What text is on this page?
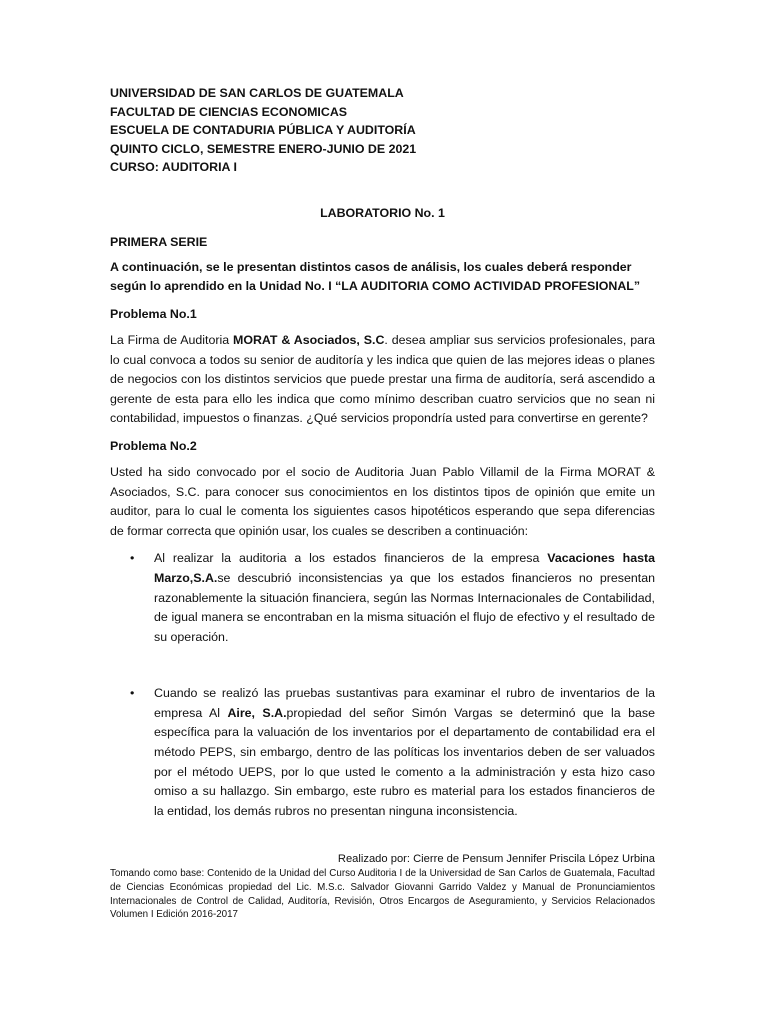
UNIVERSIDAD DE SAN CARLOS DE GUATEMALA
FACULTAD DE CIENCIAS ECONOMICAS
ESCUELA DE CONTADURIA PÚBLICA Y AUDITORÍA
QUINTO CICLO, SEMESTRE ENERO-JUNIO DE 2021
CURSO: AUDITORIA I
LABORATORIO No. 1
PRIMERA SERIE
A continuación, se le presentan distintos casos de análisis, los cuales deberá responder según lo aprendido en la Unidad No. I “LA AUDITORIA COMO ACTIVIDAD PROFESIONAL”
Problema No.1

La Firma de Auditoria MORAT & Asociados, S.C. desea ampliar sus servicios profesionales, para lo cual convoca a todos su senior de auditoría y les indica que quien de las mejores ideas o planes de negocios con los distintos servicios que puede prestar una firma de auditoría, será ascendido a gerente de esta para ello les indica que como mínimo describan cuatro servicios que no sean ni contabilidad, impuestos o finanzas. ¿Qué servicios propondría usted para convertirse en gerente?

Problema No.2

Usted ha sido convocado por el socio de Auditoria Juan Pablo Villamil de la Firma MORAT & Asociados, S.C. para conocer sus conocimientos en los distintos tipos de opinión que emite un auditor, para lo cual le comenta los siguientes casos hipotéticos esperando que sepa diferencias de formar correcta que opinión usar, los cuales se describen a continuación:

• Al realizar la auditoria a los estados financieros de la empresa Vacaciones hasta Marzo,S.A.se descubrió inconsistencias ya que los estados financieros no presentan razonablemente la situación financiera, según las Normas Internacionales de Contabilidad, de igual manera se encontraban en la misma situación el flujo de efectivo y el resultado de su operación.
• Cuando se realizó las pruebas sustantivas para examinar el rubro de inventarios de la empresa Al Aire, S.A.propiedad del señor Simón Vargas se determinó que la base específica para la valuación de los inventarios por el departamento de contabilidad era el método PEPS, sin embargo, dentro de las políticas los inventarios deben de ser valuados por el método UEPS, por lo que usted le comento a la administración y esta hizo caso omiso a su hallazgo. Sin embargo, este rubro es material para los estados financieros de la entidad, los demás rubros no presentan ninguna inconsistencia.
Realizado por: Cierre de Pensum Jennifer Priscila López Urbina
Tomando como base: Contenido de la Unidad del Curso Auditoria I de la Universidad de San Carlos de Guatemala, Facultad de Ciencias Económicas propiedad del Lic. M.S.c. Salvador Giovanni Garrido Valdez y Manual de Pronunciamientos Internacionales de Control de Calidad, Auditoría, Revisión, Otros Encargos de Aseguramiento, y Servicios Relacionados Volumen I Edición 2016-2017
